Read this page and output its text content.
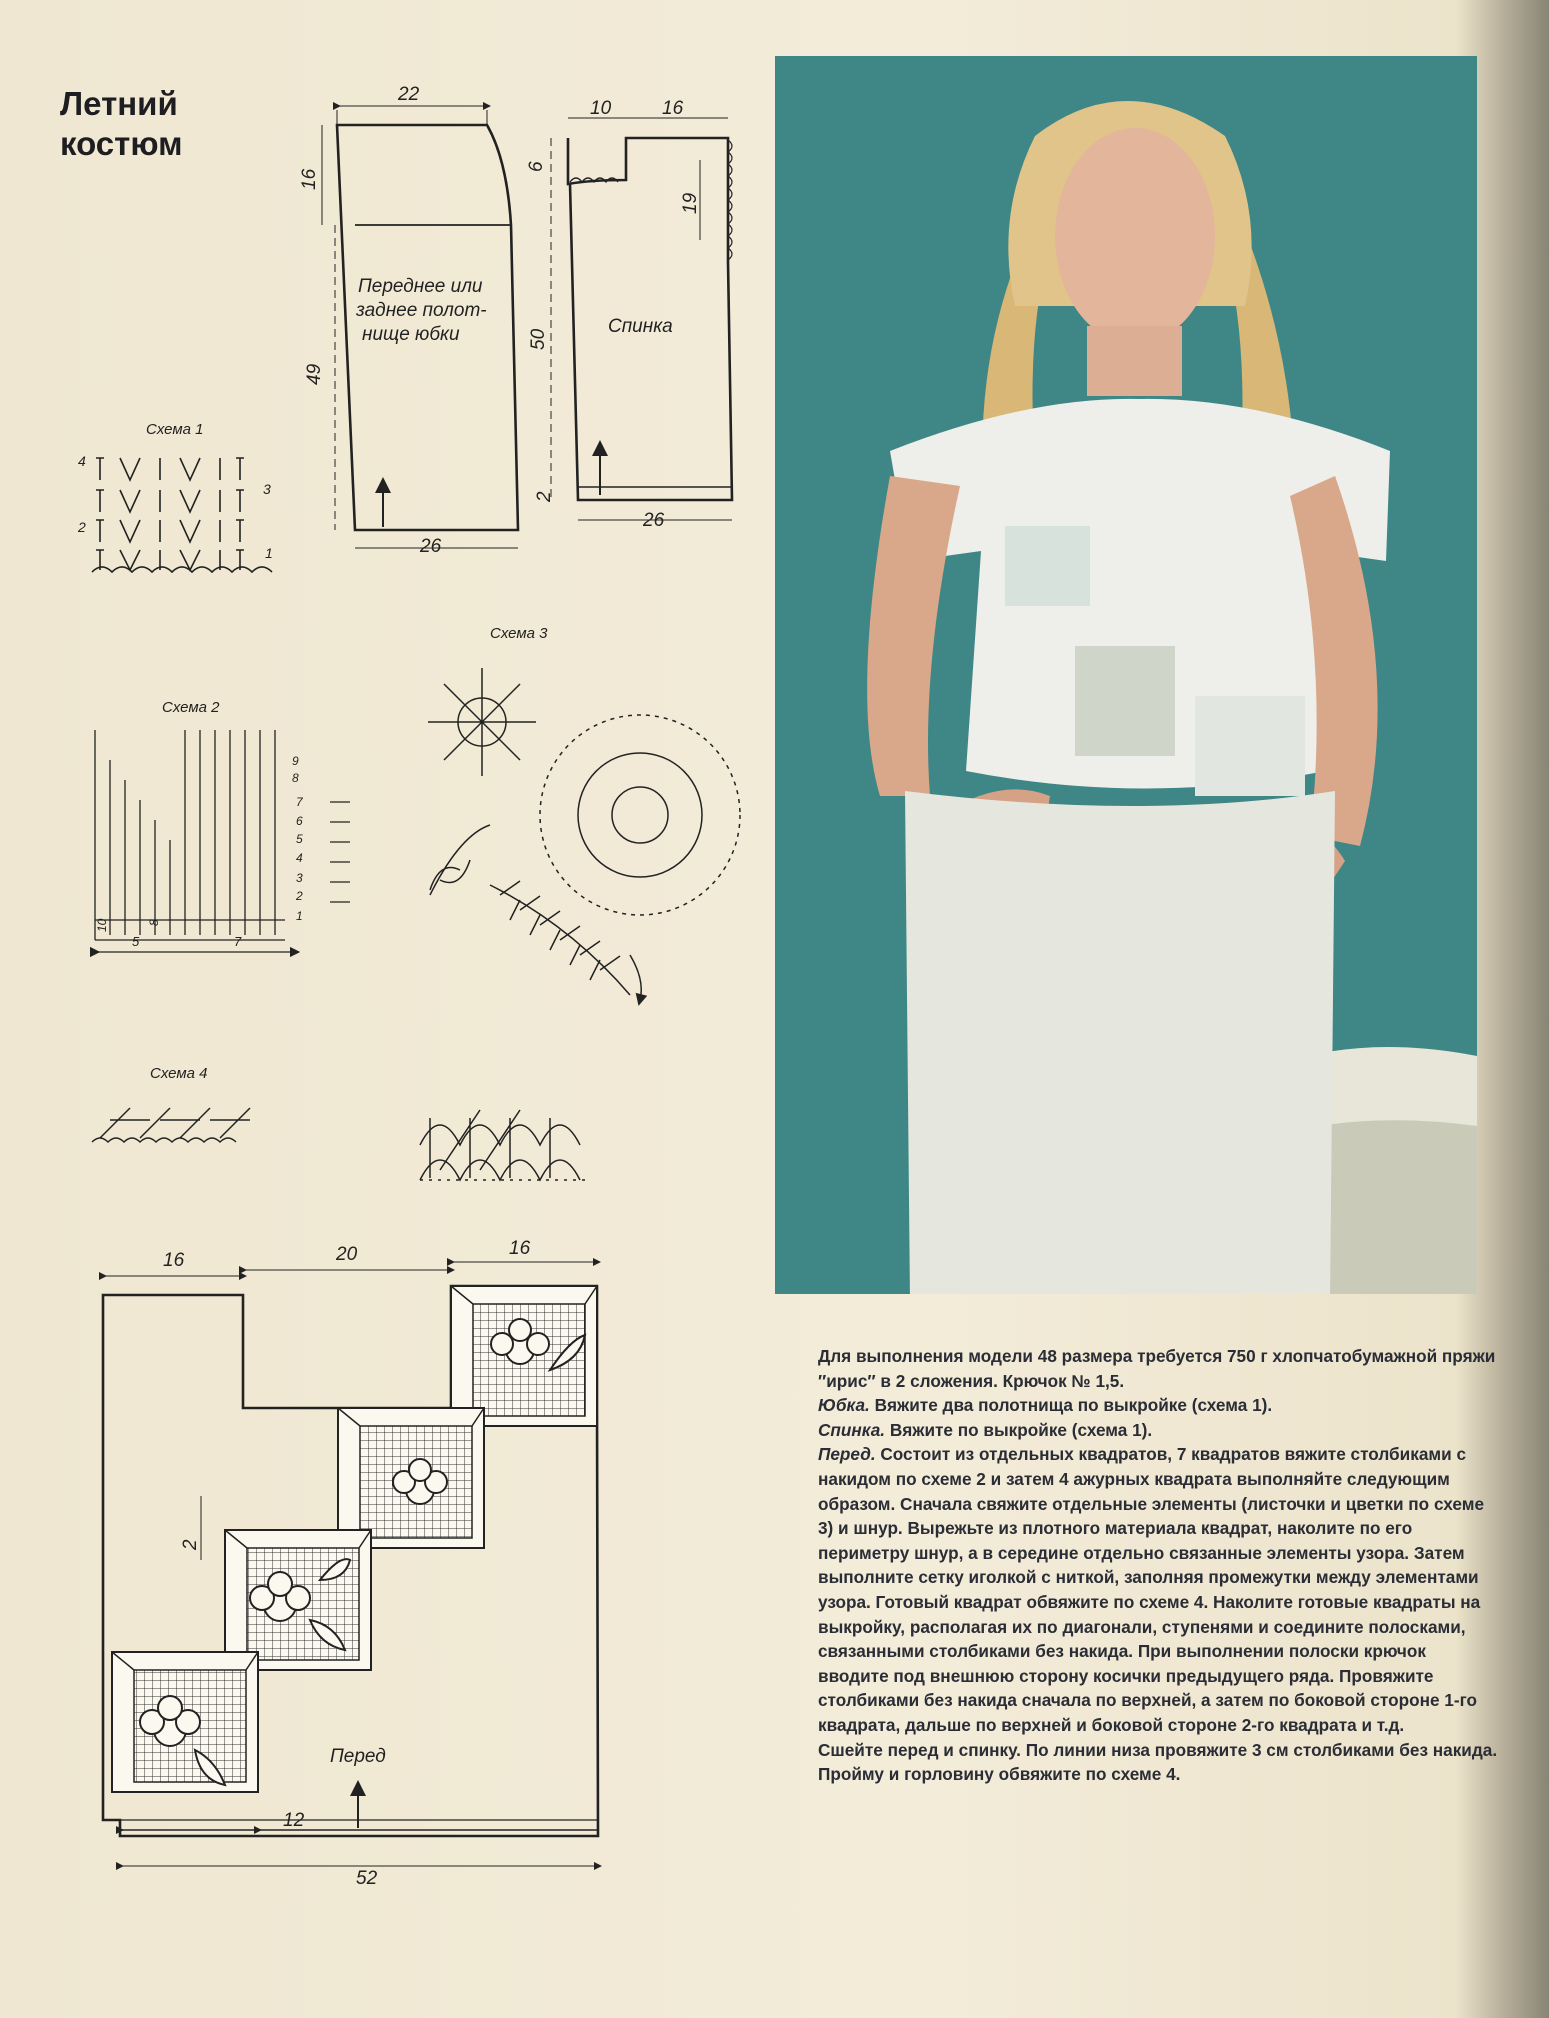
Летний
костюм
22
16
49
26
Переднее или
заднее полот-
нище юбки
10	16
6
19
50
2
26
Спинка
Схема 1
4
3
2
1
Схема 2
9
8
7
6
5
4
3
2
1
5	7
10	8
Схема 3
Схема 4
16	20	16
2
12
52
Перед

Для выполнения модели 48 размера требуется 750 г хлопчатобумажной пряжи ″ирис″ в 2 сложения. Крючок № 1,5.

Юбка. Вяжите два полотнища по выкройке (схема 1).

Спинка. Вяжите по выкройке (схема 1).

Перед. Состоит из отдельных квадратов, 7 квадратов вяжите столбиками с накидом по схеме 2 и затем 4 ажурных квадрата выполняйте следующим образом. Сначала свяжите отдельные элементы (листочки и цветки по схеме 3) и шнур. Вырежьте из плотного материала квадрат, наколите по его периметру шнур, а в середине отдельно связанные элементы узора. Затем выполните сетку иголкой с ниткой, заполняя промежутки между элементами узора. Готовый квадрат обвяжите по схеме 4. Наколите готовые квадраты на выкройку, располагая их по диагонали, ступенями и соедините полосками, связанными столбиками без накида. При выполнении полоски крючок вводите под внешнюю сторону косички предыдущего ряда. Провяжите столбиками без накида сначала по верхней, а затем по боковой стороне 1-го квадрата, дальше по верхней и боковой стороне 2-го квадрата и т.д.

Сшейте перед и спинку. По линии низа провяжите 3 см столбиками без накида. Пройму и горловину обвяжите по схеме 4.
